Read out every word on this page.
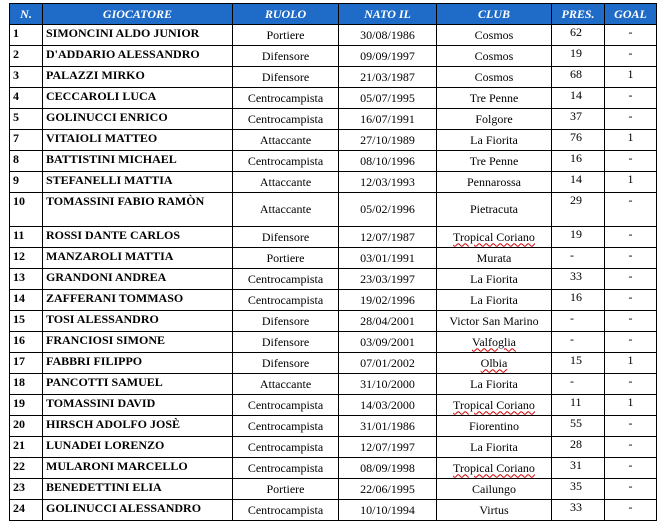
N.	GIOCATORE	RUOLO	NATO IL	CLUB	PRES.	GOAL
1	SIMONCINI ALDO JUNIOR	Portiere	30/08/1986	Cosmos	62	-
2	D'ADDARIO ALESSANDRO	Difensore	09/09/1997	Cosmos	19	-
3	PALAZZI MIRKO	Difensore	21/03/1987	Cosmos	68	1
4	CECCAROLI LUCA	Centrocampista	05/07/1995	Tre Penne	14	-
5	GOLINUCCI ENRICO	Centrocampista	16/07/1991	Folgore	37	-
7	VITAIOLI MATTEO	Attaccante	27/10/1989	La Fiorita	76	1
8	BATTISTINI MICHAEL	Centrocampista	08/10/1996	Tre Penne	16	-
9	STEFANELLI MATTIA	Attaccante	12/03/1993	Pennarossa	14	1
10	TOMASSINI FABIO RAMÒN	Attaccante	05/02/1996	Pietracuta	29	-
11	ROSSI DANTE CARLOS	Difensore	12/07/1987	Tropical Coriano	19	-
12	MANZAROLI MATTIA	Portiere	03/01/1991	Murata	-	-
13	GRANDONI ANDREA	Centrocampista	23/03/1997	La Fiorita	33	-
14	ZAFFERANI TOMMASO	Centrocampista	19/02/1996	La Fiorita	16	-
15	TOSI ALESSANDRO	Difensore	28/04/2001	Victor San Marino	-	-
16	FRANCIOSI SIMONE	Difensore	03/09/2001	Valfoglia	-	-
17	FABBRI FILIPPO	Difensore	07/01/2002	Olbia	15	1
18	PANCOTTI SAMUEL	Attaccante	31/10/2000	La Fiorita	-	-
19	TOMASSINI DAVID	Centrocampista	14/03/2000	Tropical Coriano	11	1
20	HIRSCH ADOLFO JOSÈ	Centrocampista	31/01/1986	Fiorentino	55	-
21	LUNADEI LORENZO	Centrocampista	12/07/1997	La Fiorita	28	-
22	MULARONI MARCELLO	Centrocampista	08/09/1998	Tropical Coriano	31	-
23	BENEDETTINI ELIA	Portiere	22/06/1995	Cailungo	35	-
24	GOLINUCCI ALESSANDRO	Centrocampista	10/10/1994	Virtus	33	-
